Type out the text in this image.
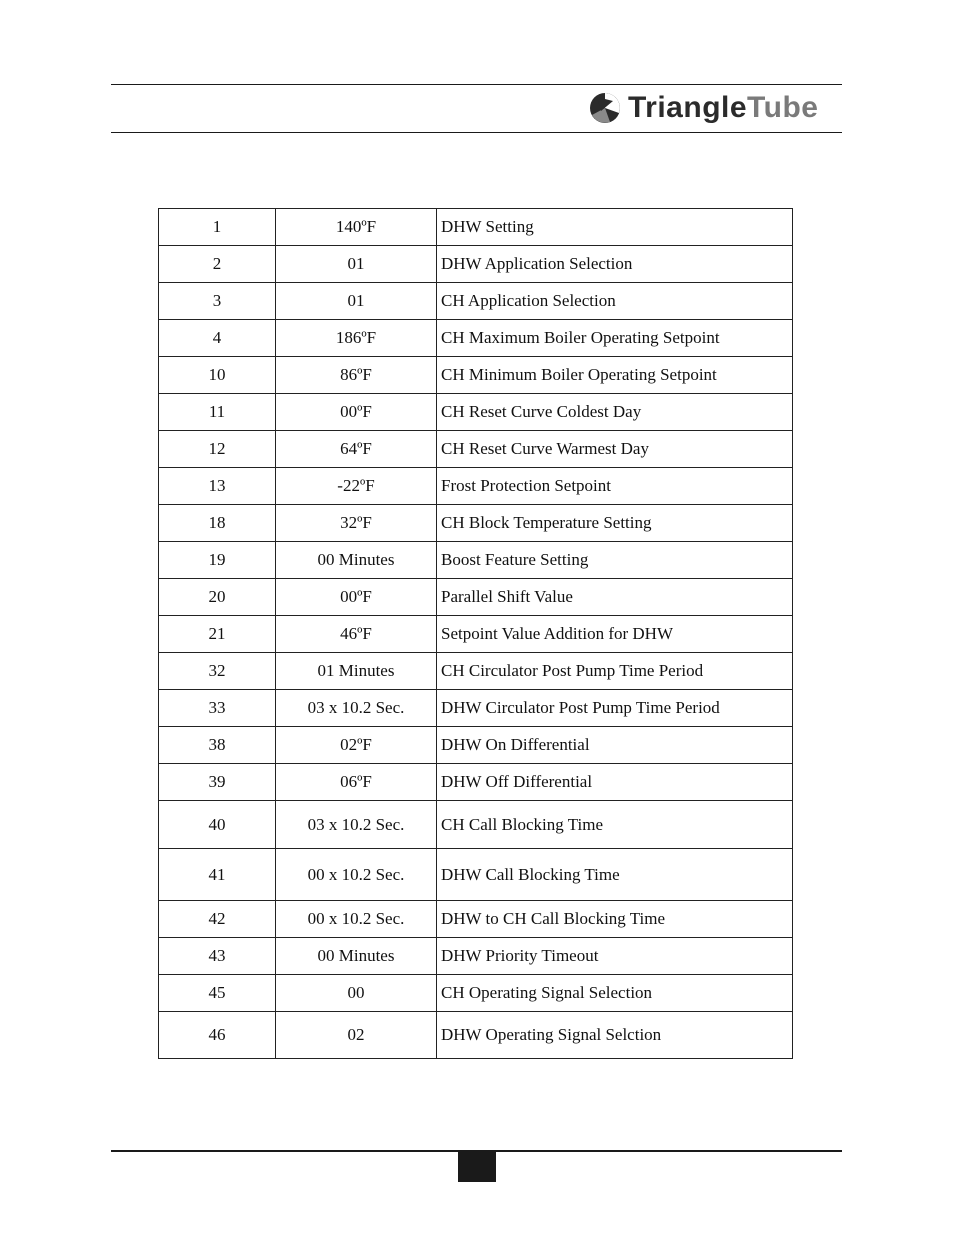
TriangleTube
1	140ºF	DHW Setting
2	01	DHW Application Selection
3	01	CH Application Selection
4	186ºF	CH Maximum Boiler Operating Setpoint
10	86ºF	CH Minimum Boiler Operating Setpoint
11	00ºF	CH Reset Curve Coldest Day
12	64ºF	CH Reset Curve Warmest Day
13	-22ºF	Frost Protection Setpoint
18	32ºF	CH Block Temperature Setting
19	00 Minutes	Boost Feature Setting
20	00ºF	Parallel Shift Value
21	46ºF	Setpoint Value Addition for DHW
32	01 Minutes	CH Circulator Post Pump Time Period
33	03 x 10.2 Sec.	DHW Circulator Post Pump Time Period
38	02ºF	DHW On Differential
39	06ºF	DHW Off Differential
40	03 x 10.2 Sec.	CH Call Blocking Time
41	00 x 10.2 Sec.	DHW Call Blocking Time
42	00 x 10.2 Sec.	DHW to CH Call Blocking Time
43	00 Minutes	DHW Priority Timeout
45	00	CH Operating Signal Selection
46	02	DHW Operating Signal Selction
